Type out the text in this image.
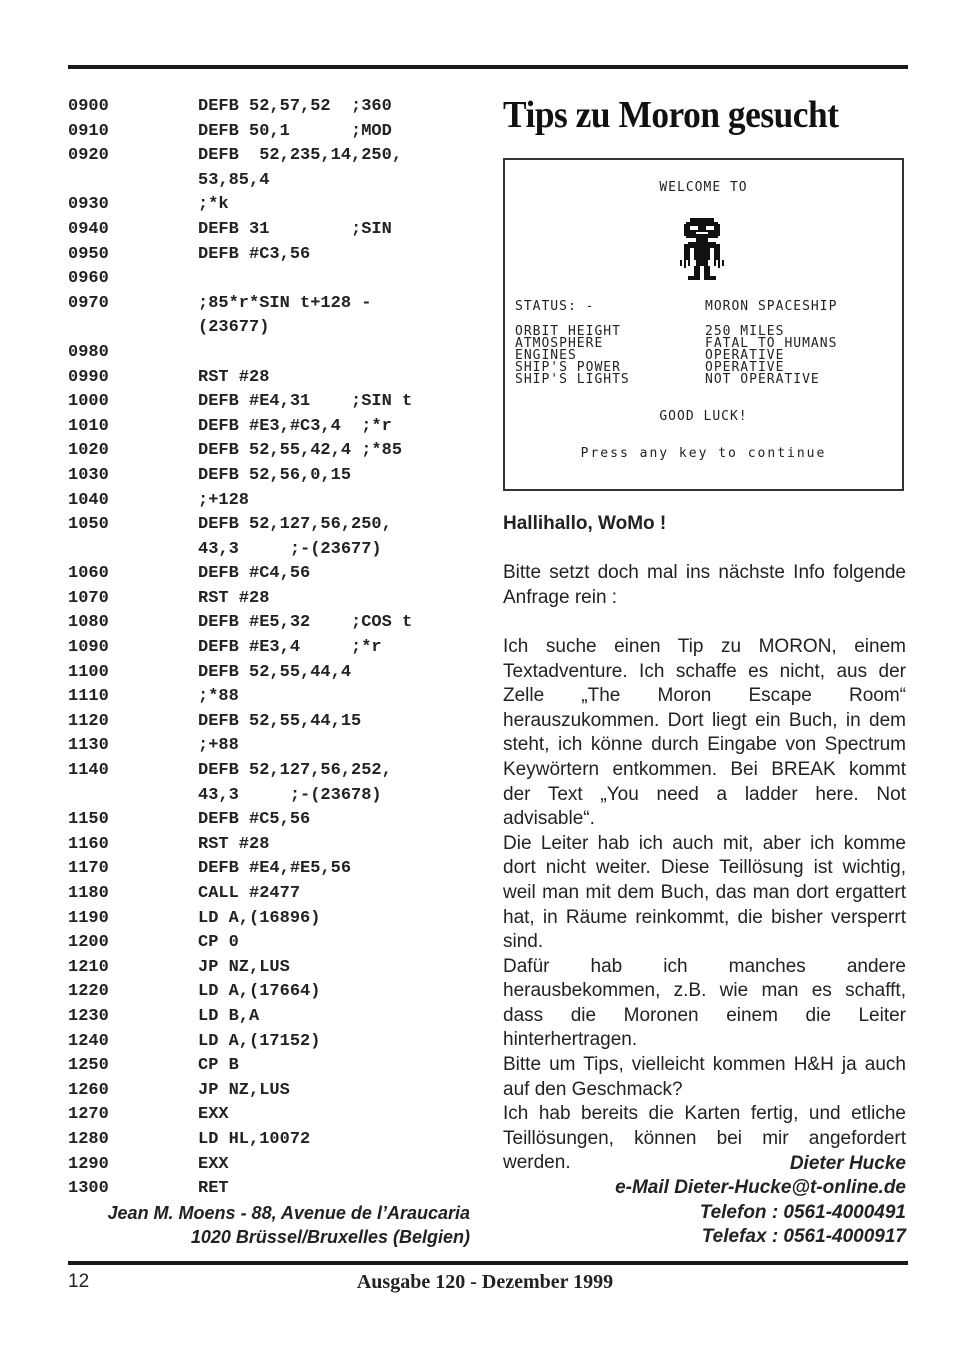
0900	DEFB 52,57,52  ;360
0910	DEFB 50,1      ;MOD
0920	DEFB  52,235,14,250,
53,85,4
0930	;*k
0940	DEFB 31        ;SIN
0950	DEFB #C3,56
0960
0970	;85*r*SIN t+128 -
(23677)
0980
0990	RST #28
1000	DEFB #E4,31    ;SIN t
1010	DEFB #E3,#C3,4  ;*r
1020	DEFB 52,55,42,4 ;*85
1030	DEFB 52,56,0,15
1040	;+128
1050	DEFB 52,127,56,250,
43,3     ;-(23677)
1060	DEFB #C4,56
1070	RST #28
1080	DEFB #E5,32    ;COS t
1090	DEFB #E3,4     ;*r
1100	DEFB 52,55,44,4
1110	;*88
1120	DEFB 52,55,44,15
1130	;+88
1140	DEFB 52,127,56,252,
43,3     ;-(23678)
1150	DEFB #C5,56
1160	RST #28
1170	DEFB #E4,#E5,56
1180	CALL #2477
1190	LD A,(16896)
1200	CP 0
1210	JP NZ,LUS
1220	LD A,(17664)
1230	LD B,A
1240	LD A,(17152)
1250	CP B
1260	JP NZ,LUS
1270	EXX
1280	LD HL,10072
1290	EXX
1300	RET
Jean M. Moens - 88, Avenue de l’Araucaria
1020 Brüssel/Bruxelles (Belgien)
Tips zu Moron gesucht
WELCOME TO
STATUS: -	MORON SPACESHIP
ORBIT HEIGHT	250 MILES
ATMOSPHERE	FATAL TO HUMANS
ENGINES	OPERATIVE
SHIP'S POWER	OPERATIVE
SHIP'S LIGHTS	NOT OPERATIVE
GOOD LUCK!
Press any key to continue
Hallihallo, WoMo !

Bitte setzt doch mal ins nächste Info folgende Anfrage rein :

Ich suche einen Tip zu MORON, einem Textadventure. Ich schaffe es nicht, aus der Zelle „The Moron Escape Room“ herauszukommen. Dort liegt ein Buch, in dem steht, ich könne durch Eingabe von Spectrum Keywörtern entkommen. Bei BREAK kommt der Text „You need a ladder here. Not advisable“.

Die Leiter hab ich auch mit, aber ich komme dort nicht weiter. Diese Teillösung ist wichtig, weil man mit dem Buch, das man dort ergattert hat, in Räume reinkommt, die bisher versperrt sind.

Dafür hab ich manches andere herausbekommen, z.B. wie man es schafft, dass die Moronen einem die Leiter hinterhertragen.

Bitte um Tips, vielleicht kommen H&H ja auch auf den Geschmack?

Ich hab bereits die Karten fertig, und etliche Teillösungen, können bei mir angefordert werden.	Dieter Hucke
e-Mail Dieter-Hucke@t-online.de
Telefon : 0561-4000491
Telefax : 0561-4000917
12	Ausgabe 120 - Dezember 1999
